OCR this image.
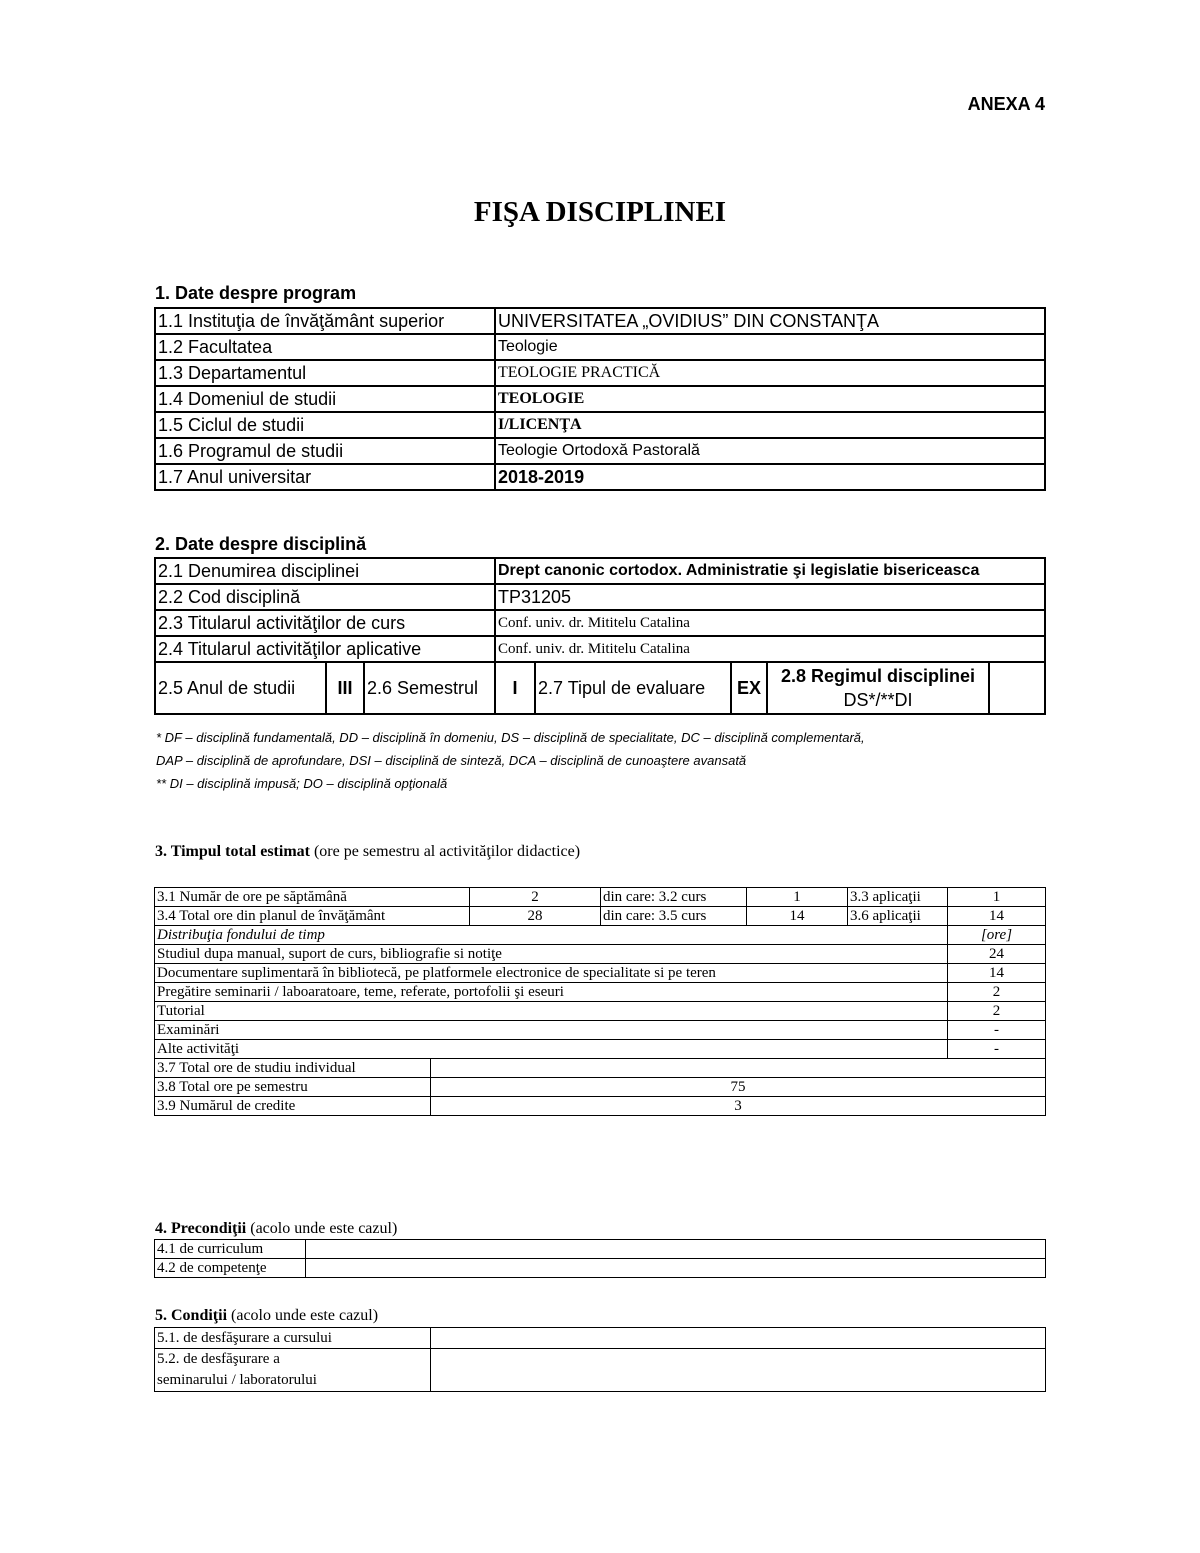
ANEXA 4
FIŞA DISCIPLINEI
1. Date despre program
1.1 Instituţia de învăţământ superior	UNIVERSITATEA „OVIDIUS” DIN CONSTANŢA
1.2 Facultatea	Teologie
1.3 Departamentul	TEOLOGIE PRACTICĂ
1.4 Domeniul de studii	TEOLOGIE
1.5 Ciclul de studii	I/LICENŢA
1.6 Programul de studii	Teologie Ortodoxă Pastorală
1.7 Anul universitar	2018-2019
2. Date despre disciplină

2.1 Denumirea disciplinei			Drept canonic cortodox. Administratie şi legislatie bisericeasca				
2.2 Cod disciplină			TP31205				
2.3 Titularul activităţilor de curs			Conf. univ. dr. Mititelu Catalina				
2.4 Titularul activităţilor aplicative			Conf. univ. dr. Mititelu Catalina				
2.5 Anul de studii	III	2.6 Semestrul	I	2.7 Tipul de evaluare	EX	2.8 Regimul disciplinei
DS*/**DI	

* DF – disciplină fundamentală, DD – disciplină în domeniu, DS – disciplină de specialitate, DC – disciplină complementară,
DAP – disciplină de aprofundare, DSI – disciplină de sinteză, DCA – disciplină de cunoaştere avansată
** DI – disciplină impusă; DO – disciplină opţională
3. Timpul total estimat (ore pe semestru al activităţilor didactice)
3.1 Număr de ore pe săptămână		2	din care: 3.2 curs	1	3.3 aplicaţii	1
3.4 Total ore din planul de învăţământ		28	din care: 3.5 curs	14	3.6 aplicaţii	14
Distribuţia fondului de timp						[ore]
Studiul dupa manual, suport de curs, bibliografie si notiţe						24
Documentare suplimentară în bibliotecă, pe platformele electronice de specialitate si pe teren						14
Pregătire seminarii / laboaratoare, teme, referate, portofolii şi eseuri						2
Tutorial						2
Examinări						-
Alte activităţi						-
3.7 Total ore de studiu individual						
3.8 Total ore pe semestru	75					
3.9 Numărul de credite	3					
4. Precondiţii (acolo unde este cazul)
4.1 de curriculum	
4.2 de competenţe	
5. Condiţii (acolo unde este cazul)
5.1. de desfăşurare a cursului	

5.2. de desfăşurare a
seminarului / laboratorului	
